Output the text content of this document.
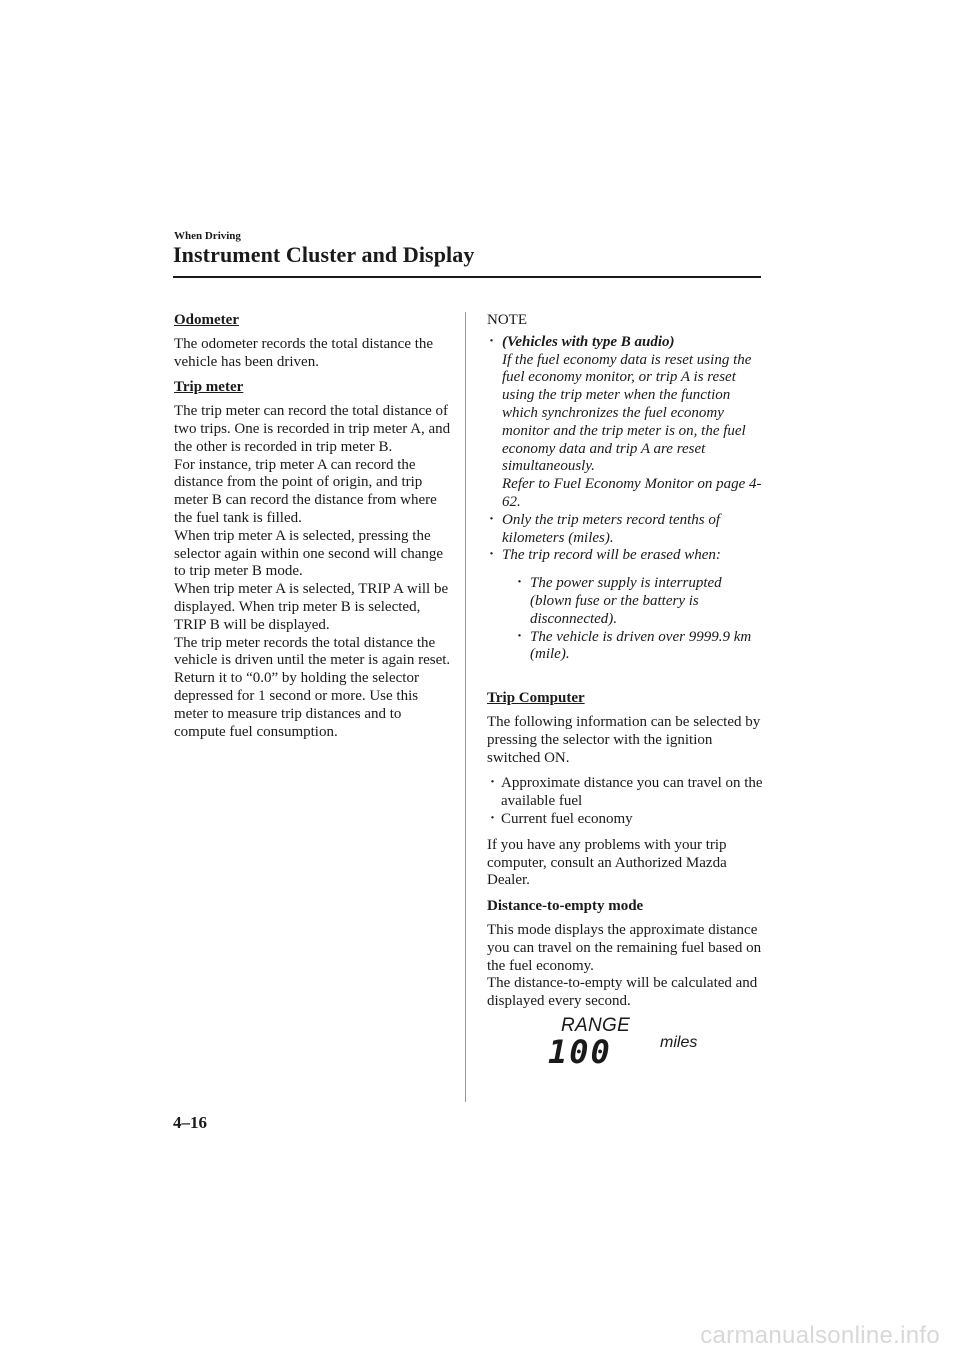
When Driving

Instrument Cluster and Display

Odometer

The odometer records the total distance the vehicle has been driven.

Trip meter

The trip meter can record the total distance of two trips. One is recorded in trip meter A, and the other is recorded in trip meter B.
For instance, trip meter A can record the distance from the point of origin, and trip meter B can record the distance from where the fuel tank is filled.
When trip meter A is selected, pressing the selector again within one second will change to trip meter B mode.
When trip meter A is selected, TRIP A will be displayed. When trip meter B is selected, TRIP B will be displayed.
The trip meter records the total distance the vehicle is driven until the meter is again reset. Return it to “0.0” by holding the selector depressed for 1 second or more. Use this meter to measure trip distances and to compute fuel consumption.

NOTE

· (Vehicles with type B audio)
If the fuel economy data is reset using the fuel economy monitor, or trip A is reset using the trip meter when the function which synchronizes the fuel economy monitor and the trip meter is on, the fuel economy data and trip A are reset simultaneously.
Refer to Fuel Economy Monitor on page 4-62.
· Only the trip meters record tenths of kilometers (miles).
· The trip record will be erased when:
· The power supply is interrupted (blown fuse or the battery is disconnected).
· The vehicle is driven over 9999.9 km (mile).

Trip Computer

The following information can be selected by pressing the selector with the ignition switched ON.

· Approximate distance you can travel on the available fuel
· Current fuel economy

If you have any problems with your trip computer, consult an Authorized Mazda Dealer.

Distance-to-empty mode

This mode displays the approximate distance you can travel on the remaining fuel based on the fuel economy.
The distance-to-empty will be calculated and displayed every second.

RANGE

100	miles

4–16

carmanualsonline.info
